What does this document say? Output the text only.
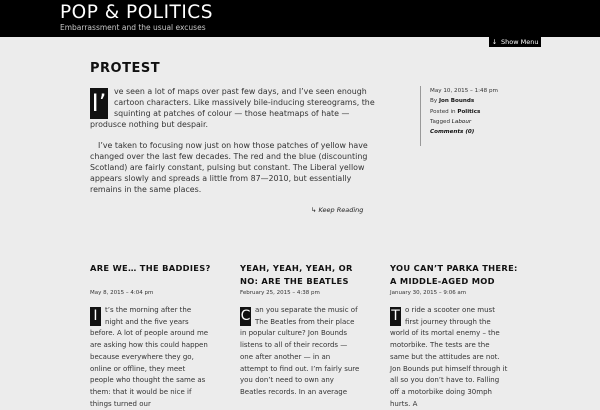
POP & POLITICS
Embarrassment and the usual excuses
↓ Show Menu
PROTEST
I’ ve seen a lot of maps over past few days, and I’ve seen enough cartoon characters. Like massively bile-inducing stereograms, the squinting at patches of colour — those heatmaps of hate — produsce nothing but despair.

I’ve taken to focusing now just on how those patches of yellow have changed over the last few decades. The red and the blue (discounting Scotland) are fairly constant, pulsing but constant. The Liberal yellow appears slowly and spreads a little from 87—2010, but essentially remains in the same places.

↳ Keep Reading
May 10, 2015 – 1:48 pm
By Jon Bounds
Posted in Politics
Tagged Labour
Comments (0)
ARE WE… THE BADDIES?
May 8, 2015 – 4:04 pm
I	t’s the morning after the night and the five years before. A lot of people around me are asking how this could happen because everywhere they go, online or offline, they meet people who thought the same as them: that it would be nice if things turned our
YEAH, YEAH, YEAH, OR NO: ARE THE BEATLES
February 25, 2015 – 4:38 pm
C an you separate the music of The Beatles from their place in popular culture? Jon Bounds listens to all of their records — one after another — in an attempt to find out. I’m fairly sure you don’t need to own any Beatles records. In an average
YOU CAN’T PARKA THERE: A MIDDLE-AGED MOD
January 30, 2015 – 9:06 am
T o ride a scooter one must first journey through the world of its mortal enemy – the motorbike. The tests are the same but the attitudes are not. Jon Bounds put himself through it all so you don’t have to. Falling off a motorbike doing 30mph hurts. A
